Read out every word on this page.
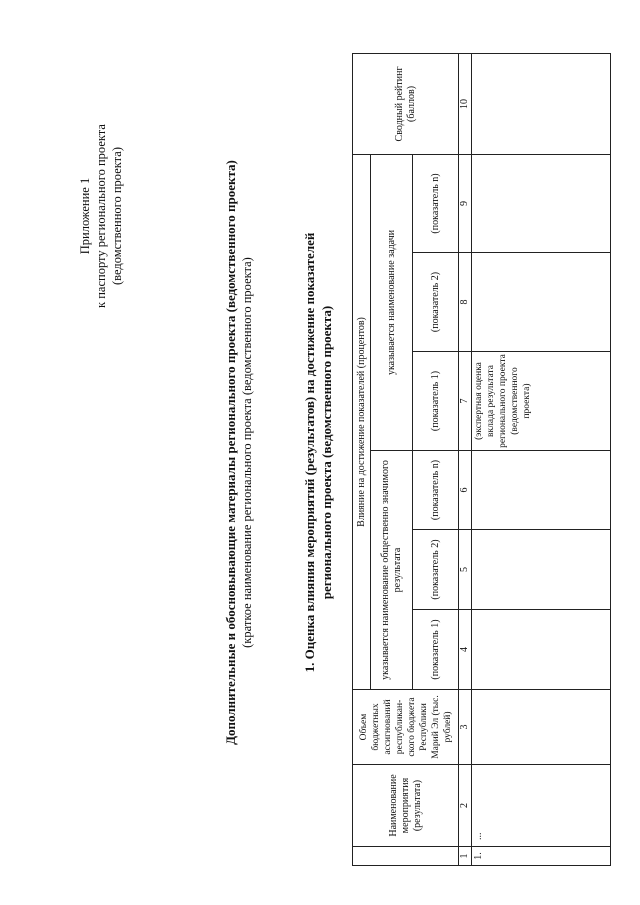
Приложение 1 к паспорту регионального проекта (ведомственного проекта)	Дополнительные и обосновывающие материалы регионального проекта (ведомственного проекта) (краткое наименование регионального проекта (ведомственного проекта)	1. Оценка влияния мероприятий (результатов) на достижение показателей регионального проекта (ведомственного проекта)
	Наименование мероприятия (результата)	Объем бюджетных ассигнований республикан-ского бюджета Республики Марий Эл (тыс. рублей)	Влияние на достижение показателей (процентов)						Сводный рейтинг (баллов)
			указывается наименование общественно значимого результата			указывается наименование задачи			
			(показатель 1)	(показатель 2)	(показатель n)	(показатель 1)	(показатель 2)	(показатель n)	
1	2	3	4	5	6	7	8	9	10
1.	...					(экспертная оценка вклада результата регионального проекта (ведомственного проекта)			
